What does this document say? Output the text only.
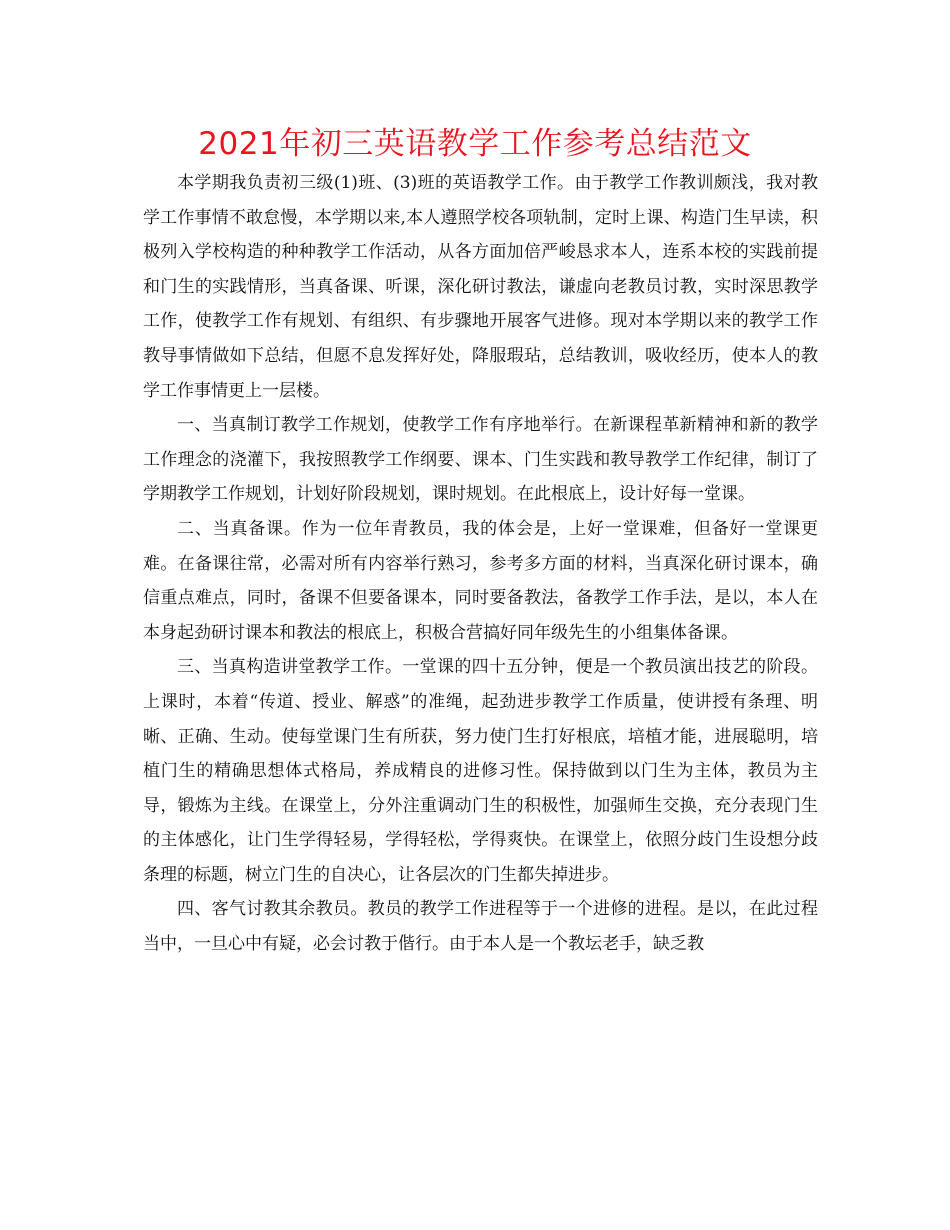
2021年初三英语教学工作参考总结范文

本学期我负责初三级(1)班、(3)班的英语教学工作。由于教学工作教训颇浅，我对教学工作事情不敢怠慢，本学期以来,本人遵照学校各项轨制，定时上课、构造门生早读，积极列入学校构造的种种教学工作活动，从各方面加倍严峻恳求本人，连系本校的实践前提和门生的实践情形，当真备课、听课，深化研讨教法，谦虚向老教员讨教，实时深思教学工作，使教学工作有规划、有组织、有步骤地开展客气进修。现对本学期以来的教学工作教导事情做如下总结，但愿不息发挥好处，降服瑕玷，总结教训，吸收经历，使本人的教学工作事情更上一层楼。

一、当真制订教学工作规划，使教学工作有序地举行。在新课程革新精神和新的教学工作理念的浇灌下，我按照教学工作纲要、课本、门生实践和教导教学工作纪律，制订了学期教学工作规划，计划好阶段规划，课时规划。在此根底上，设计好每一堂课。

二、当真备课。作为一位年青教员，我的体会是，上好一堂课难，但备好一堂课更难。在备课往常，必需对所有内容举行熟习，参考多方面的材料，当真深化研讨课本，确信重点难点，同时，备课不但要备课本，同时要备教法，备教学工作手法，是以，本人在本身起劲研讨课本和教法的根底上，积极合营搞好同年级先生的小组集体备课。

三、当真构造讲堂教学工作。一堂课的四十五分钟，便是一个教员演出技艺的阶段。上课时，本着“传道、授业、解惑”的准绳，起劲进步教学工作质量，使讲授有条理、明晰、正确、生动。使每堂课门生有所获，努力使门生打好根底，培植才能，进展聪明，培植门生的精确思想体式格局，养成精良的进修习性。保持做到以门生为主体，教员为主导，锻炼为主线。在课堂上，分外注重调动门生的积极性，加强师生交换，充分表现门生的主体感化，让门生学得轻易，学得轻松，学得爽快。在课堂上，依照分歧门生设想分歧条理的标题，树立门生的自决心，让各层次的门生都失掉进步。

四、客气讨教其余教员。教员的教学工作进程等于一个进修的进程。是以，在此过程当中，一旦心中有疑，必会讨教于偕行。由于本人是一个教坛老手，缺乏教
